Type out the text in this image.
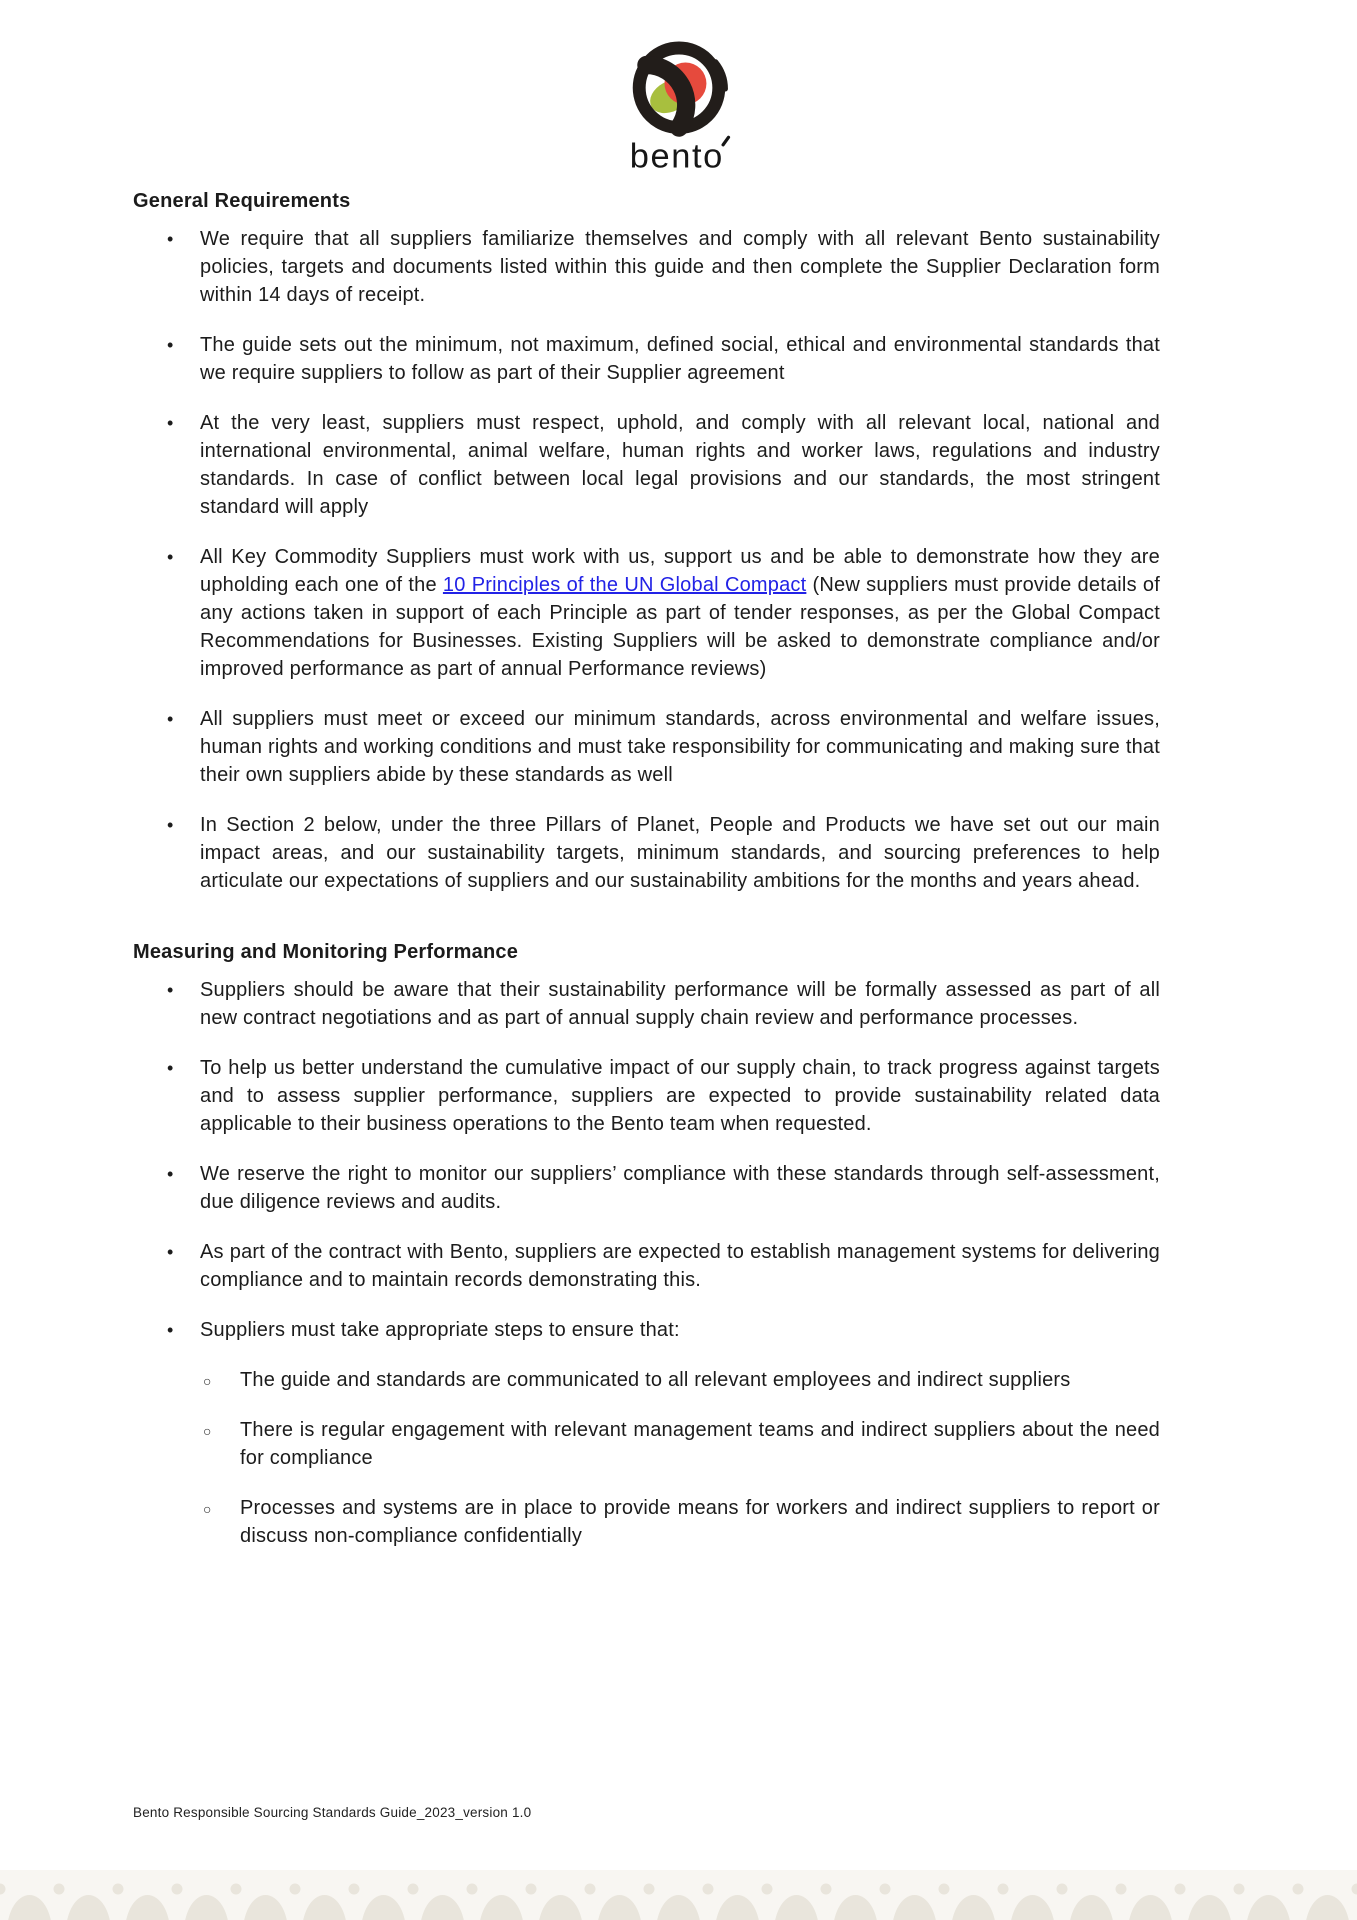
bento
General Requirements
• We require that all suppliers familiarize themselves and comply with all relevant Bento sustainability policies, targets and documents listed within this guide and then complete the Supplier Declaration form within 14 days of receipt.

• The guide sets out the minimum, not maximum, defined social, ethical and environmental standards that we require suppliers to follow as part of their Supplier agreement

• At the very least, suppliers must respect, uphold, and comply with all relevant local, national and international environmental, animal welfare, human rights and worker laws, regulations and industry standards. In case of conflict between local legal provisions and our standards, the most stringent standard will apply

• All Key Commodity Suppliers must work with us, support us and be able to demonstrate how they are upholding each one of the 10 Principles of the UN Global Compact (New suppliers must provide details of any actions taken in support of each Principle as part of tender responses, as per the Global Compact Recommendations for Businesses. Existing Suppliers will be asked to demonstrate compliance and/or improved performance as part of annual Performance reviews)

• All suppliers must meet or exceed our minimum standards, across environmental and welfare issues, human rights and working conditions and must take responsibility for communicating and making sure that their own suppliers abide by these standards as well

• In Section 2 below, under the three Pillars of Planet, People and Products we have set out our main impact areas, and our sustainability targets, minimum standards, and sourcing preferences to help articulate our expectations of suppliers and our sustainability ambitions for the months and years ahead.

Measuring and Monitoring Performance
• Suppliers should be aware that their sustainability performance will be formally assessed as part of all new contract negotiations and as part of annual supply chain review and performance processes.

• To help us better understand the cumulative impact of our supply chain, to track progress against targets and to assess supplier performance, suppliers are expected to provide sustainability related data applicable to their business operations to the Bento team when requested.

• We reserve the right to monitor our suppliers’ compliance with these standards through self-assessment, due diligence reviews and audits.

• As part of the contract with Bento, suppliers are expected to establish management systems for delivering compliance and to maintain records demonstrating this.

• Suppliers must take appropriate steps to ensure that:

○ The guide and standards are communicated to all relevant employees and indirect suppliers

○ There is regular engagement with relevant management teams and indirect suppliers about the need for compliance

○ Processes and systems are in place to provide means for workers and indirect suppliers to report or discuss non-compliance confidentially

Bento Responsible Sourcing Standards Guide_2023_version 1.0
